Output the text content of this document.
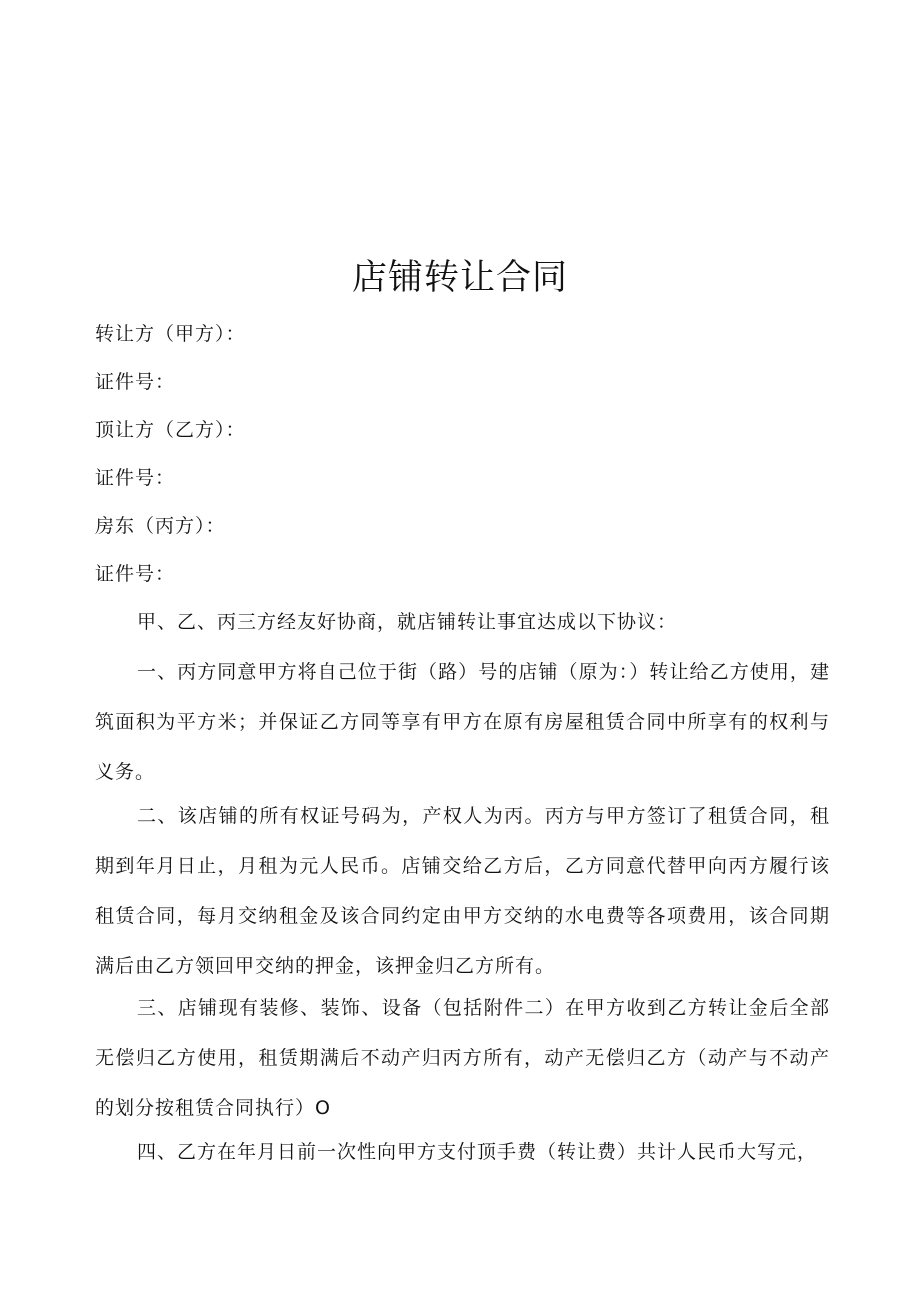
店铺转让合同
转让方（甲方）：
证件号：
顶让方（乙方）：
证件号：
房东（丙方）：
证件号：

甲、乙、丙三方经友好协商，就店铺转让事宜达成以下协议：

一、丙方同意甲方将自己位于街（路）号的店铺（原为：）转让给乙方使用，建筑面积为平方米；并保证乙方同等享有甲方在原有房屋租赁合同中所享有的权利与义务。

二、该店铺的所有权证号码为，产权人为丙。丙方与甲方签订了租赁合同，租期到年月日止，月租为元人民币。店铺交给乙方后，乙方同意代替甲向丙方履行该租赁合同，每月交纳租金及该合同约定由甲方交纳的水电费等各项费用，该合同期满后由乙方领回甲交纳的押金，该押金归乙方所有。

三、店铺现有装修、装饰、设备（包括附件二）在甲方收到乙方转让金后全部无偿归乙方使用，租赁期满后不动产归丙方所有，动产无偿归乙方（动产与不动产的划分按租赁合同执行）O

四、乙方在年月日前一次性向甲方支付顶手费（转让费）共计人民币大写元，
